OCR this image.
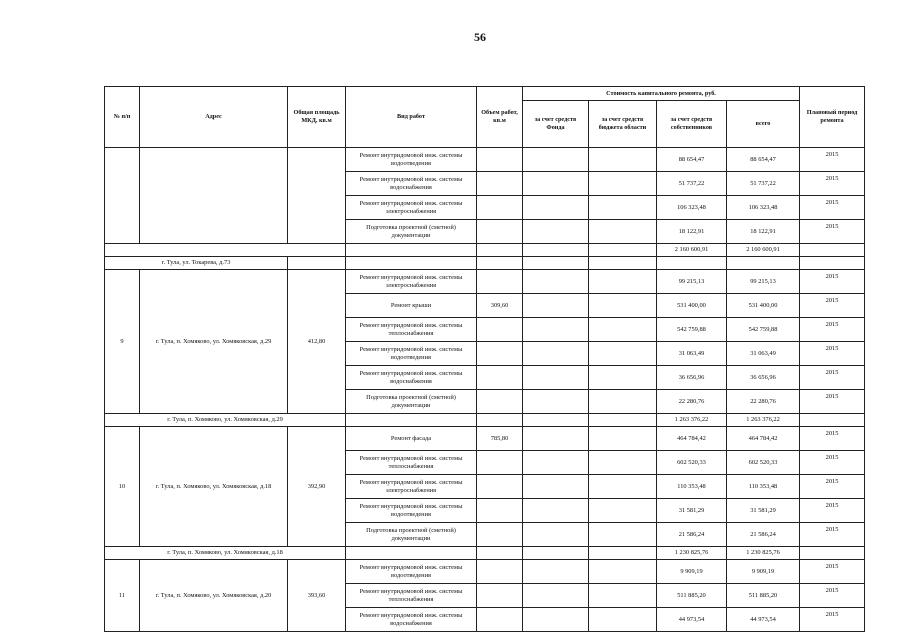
56
№ п/п	Адрес	Общая площадь МКД, кв.м	Вид работ	Объем работ, кв.м	Стоимость капитального ремонта, руб.				Плановый период ремонта
					за счет средств Фонда	за счет средств бюджета области	за счет средств собственников	всего	
			Ремонт внутридомовой инж. системы водоотведения				88 654,47	88 654,47	2015
			Ремонт внутридомовой инж. системы водоснабжения				51 737,22	51 737,22	2015
			Ремонт внутридомовой инж. системы электроснабжения				106 323,48	106 323,48	2015
			Подготовка проектной (сметной) документации				18 122,91	18 122,91	2015
							2 160 600,91	2 160 600,91	
г. Тула, ул. Токарева, д.73									
9	г. Тула, п. Хомяково, ул. Хомяковская, д.29	412,80	Ремонт внутридомовой инж. системы электроснабжения				99 215,13	99 215,13	2015
			Ремонт крыши	309,60			531 400,00	531 400,00	2015
			Ремонт внутридомовой инж. системы теплоснабжения				542 759,88	542 759,88	2015
			Ремонт внутридомовой инж. системы водоотведения				31 063,49	31 063,49	2015
			Ремонт внутридомовой инж. системы водоснабжения				36 656,96	36 656,96	2015
			Подготовка проектной (сметной) документации				22 280,76	22 280,76	2015
г. Тула, п. Хомяково, ул. Хомяковская, д.29							1 263 376,22	1 263 376,22	
10	г. Тула, п. Хомяково, ул. Хомяковская, д.18	392,90	Ремонт фасада	785,80			464 784,42	464 784,42	2015
			Ремонт внутридомовой инж. системы теплоснабжения				602 520,33	602 520,33	2015
			Ремонт внутридомовой инж. системы электроснабжения				110 353,48	110 353,48	2015
			Ремонт внутридомовой инж. системы водоотведения				31 581,29	31 581,29	2015
			Подготовка проектной (сметной) документации				21 586,24	21 586,24	2015
г. Тула, п. Хомяково, ул. Хомяковская, д.18							1 230 825,76	1 230 825,76	
11	г. Тула, п. Хомяково, ул. Хомяковская, д.20	393,60	Ремонт внутридомовой инж. системы водоотведения				9 909,19	9 909,19	2015
			Ремонт внутридомовой инж. системы теплоснабжения				511 885,20	511 885,20	2015
			Ремонт внутридомовой инж. системы водоснабжения				44 973,54	44 973,54	2015
